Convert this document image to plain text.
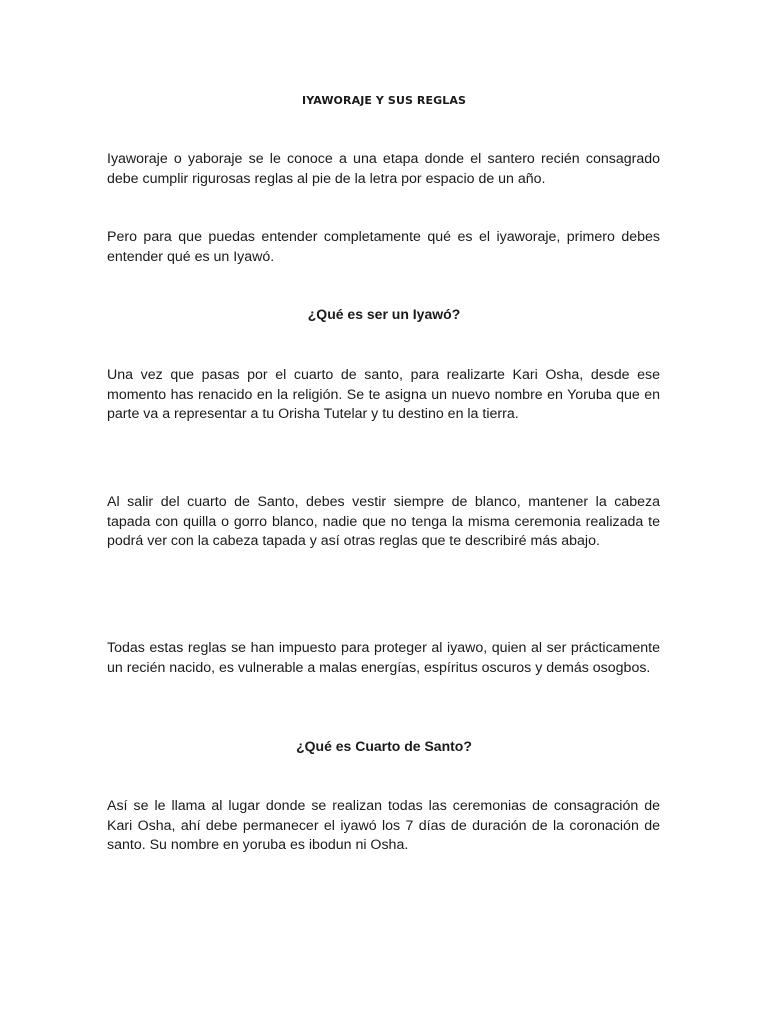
IYAWORAJE Y SUS REGLAS

Iyaworaje o yaboraje se le conoce a una etapa donde el santero recién consagrado debe cumplir rigurosas reglas al pie de la letra por espacio de un año.

Pero para que puedas entender completamente qué es el iyaworaje, primero debes entender qué es un Iyawó.

¿Qué es ser un Iyawó?

Una vez que pasas por el cuarto de santo, para realizarte Kari Osha, desde ese momento has renacido en la religión. Se te asigna un nuevo nombre en Yoruba que en parte va a representar a tu Orisha Tutelar y tu destino en la tierra.

Al salir del cuarto de Santo, debes vestir siempre de blanco, mantener la cabeza tapada con quilla o gorro blanco, nadie que no tenga la misma ceremonia realizada te podrá ver con la cabeza tapada y así otras reglas que te describiré más abajo.

Todas estas reglas se han impuesto para proteger al iyawo, quien al ser prácticamente un recién nacido, es vulnerable a malas energías, espíritus oscuros y demás osogbos.

¿Qué es Cuarto de Santo?

Así se le llama al lugar donde se realizan todas las ceremonias de consagración de Kari Osha, ahí debe permanecer el iyawó los 7 días de duración de la coronación de santo. Su nombre en yoruba es ibodun ni Osha.
